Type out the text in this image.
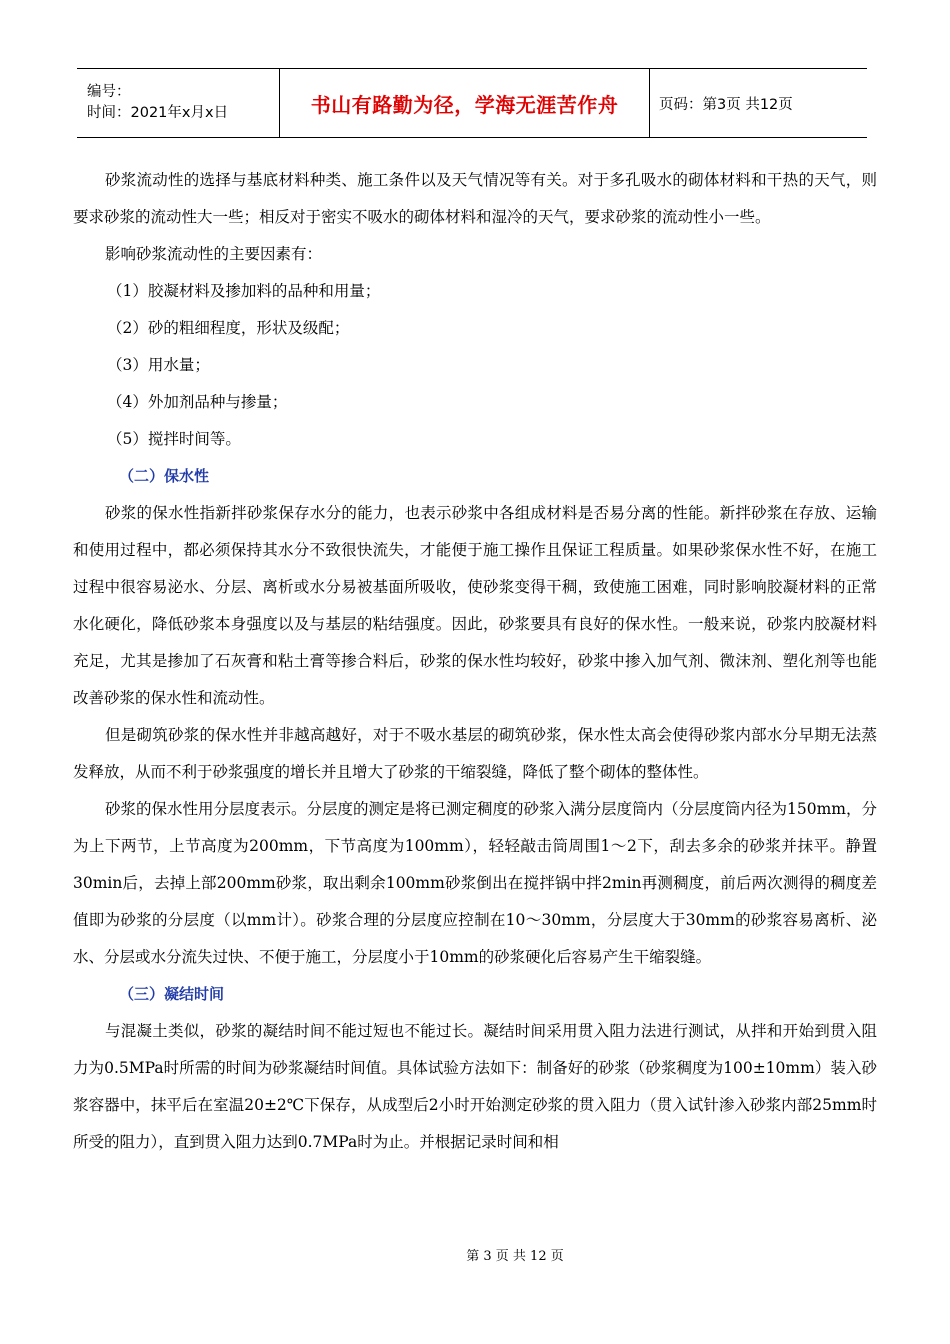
编号：
时间：2021年x月x日	书山有路勤为径，学海无涯苦作舟	页码：第3页 共12页

砂浆流动性的选择与基底材料种类、施工条件以及天气情况等有关。对于多孔吸水的砌体材料和干热的天气，则要求砂浆的流动性大一些；相反对于密实不吸水的砌体材料和湿冷的天气，要求砂浆的流动性小一些。

影响砂浆流动性的主要因素有：

（1）胶凝材料及掺加料的品种和用量；

（2）砂的粗细程度，形状及级配；

（3）用水量；

（4）外加剂品种与掺量；

（5）搅拌时间等。

（二）保水性

砂浆的保水性指新拌砂浆保存水分的能力，也表示砂浆中各组成材料是否易分离的性能。新拌砂浆在存放、运输和使用过程中，都必须保持其水分不致很快流失，才能便于施工操作且保证工程质量。如果砂浆保水性不好，在施工过程中很容易泌水、分层、离析或水分易被基面所吸收，使砂浆变得干稠，致使施工困难，同时影响胶凝材料的正常水化硬化，降低砂浆本身强度以及与基层的粘结强度。因此，砂浆要具有良好的保水性。一般来说，砂浆内胶凝材料充足，尤其是掺加了石灰膏和粘土膏等掺合料后，砂浆的保水性均较好，砂浆中掺入加气剂、微沫剂、塑化剂等也能改善砂浆的保水性和流动性。

但是砌筑砂浆的保水性并非越高越好，对于不吸水基层的砌筑砂浆，保水性太高会使得砂浆内部水分早期无法蒸发释放，从而不利于砂浆强度的增长并且增大了砂浆的干缩裂缝，降低了整个砌体的整体性。

砂浆的保水性用分层度表示。分层度的测定是将已测定稠度的砂浆入满分层度筒内（分层度筒内径为150mm，分为上下两节，上节高度为200mm，下节高度为100mm），轻轻敲击筒周围1～2下，刮去多余的砂浆并抹平。静置30min后，去掉上部200mm砂浆，取出剩余100mm砂浆倒出在搅拌锅中拌2min再测稠度，前后两次测得的稠度差值即为砂浆的分层度（以mm计）。砂浆合理的分层度应控制在10～30mm，分层度大于30mm的砂浆容易离析、泌水、分层或水分流失过快、不便于施工，分层度小于10mm的砂浆硬化后容易产生干缩裂缝。

（三）凝结时间

与混凝土类似，砂浆的凝结时间不能过短也不能过长。凝结时间采用贯入阻力法进行测试，从拌和开始到贯入阻力为0.5MPa时所需的时间为砂浆凝结时间值。具体试验方法如下：制备好的砂浆（砂浆稠度为100±10mm）装入砂浆容器中，抹平后在室温20±2℃下保存，从成型后2小时开始测定砂浆的贯入阻力（贯入试针渗入砂浆内部25mm时所受的阻力），直到贯入阻力达到0.7MPa时为止。并根据记录时间和相

第 3 页 共 12 页
